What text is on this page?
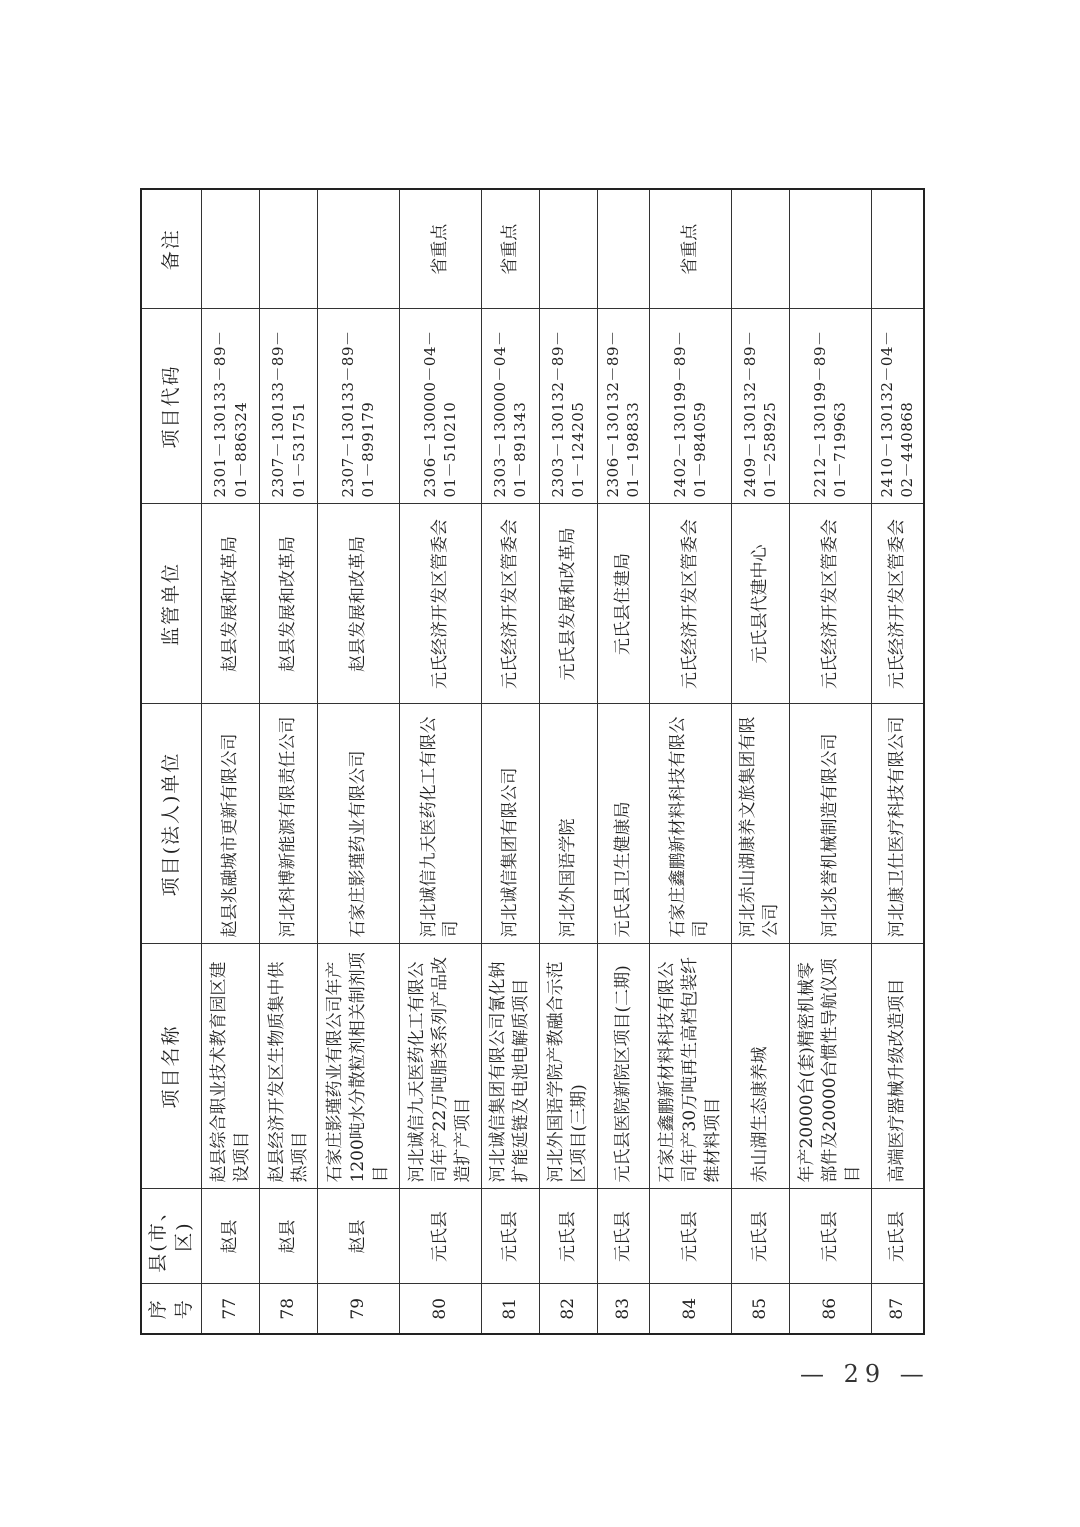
序号	县(市、区)	项目名称	项目(法人)单位	监管单位	项目代码	备注
77	赵县	赵县综合职业技术教育园区建设项目	赵县兆融城市更新有限公司	赵县发展和改革局	2301－130133－89－01－886324	
78	赵县	赵县经济开发区生物质集中供热项目	河北科博新能源有限责任公司	赵县发展和改革局	2307－130133－89－01－531751	
79	赵县	石家庄影瑾药业有限公司年产1200吨水分散粒剂相关制剂项目	石家庄影瑾药业有限公司	赵县发展和改革局	2307－130133－89－01－899179	
80	元氏县	河北诚信九天医药化工有限公司年产22万吨脂类系列产品改造扩产项目	河北诚信九天医药化工有限公司	元氏经济开发区管委会	2306－130000－04－01－510210	省重点
81	元氏县	河北诚信集团有限公司氰化钠扩能延链及电池电解质项目	河北诚信集团有限公司	元氏经济开发区管委会	2303－130000－04－01－891343	省重点
82	元氏县	河北外国语学院产教融合示范区项目(三期)	河北外国语学院	元氏县发展和改革局	2303－130132－89－01－124205	
83	元氏县	元氏县医院新院区项目(二期)	元氏县卫生健康局	元氏县住建局	2306－130132－89－01－198833	
84	元氏县	石家庄鑫鹏新材料科技有限公司年产30万吨再生高档包装纤维材料项目	石家庄鑫鹏新材料科技有限公司	元氏经济开发区管委会	2402－130199－89－01－984059	省重点
85	元氏县	赤山湖生态康养城	河北赤山湖康养文旅集团有限公司	元氏县代建中心	2409－130132－89－01－258925	
86	元氏县	年产20000台(套)精密机械零部件及20000台惯性导航仪项目	河北兆誉机械制造有限公司	元氏经济开发区管委会	2212－130199－89－01－719963	
87	元氏县	高端医疗器械升级改造项目	河北康卫仕医疗科技有限公司	元氏经济开发区管委会	2410－130132－04－02－440868	
— 29 —
